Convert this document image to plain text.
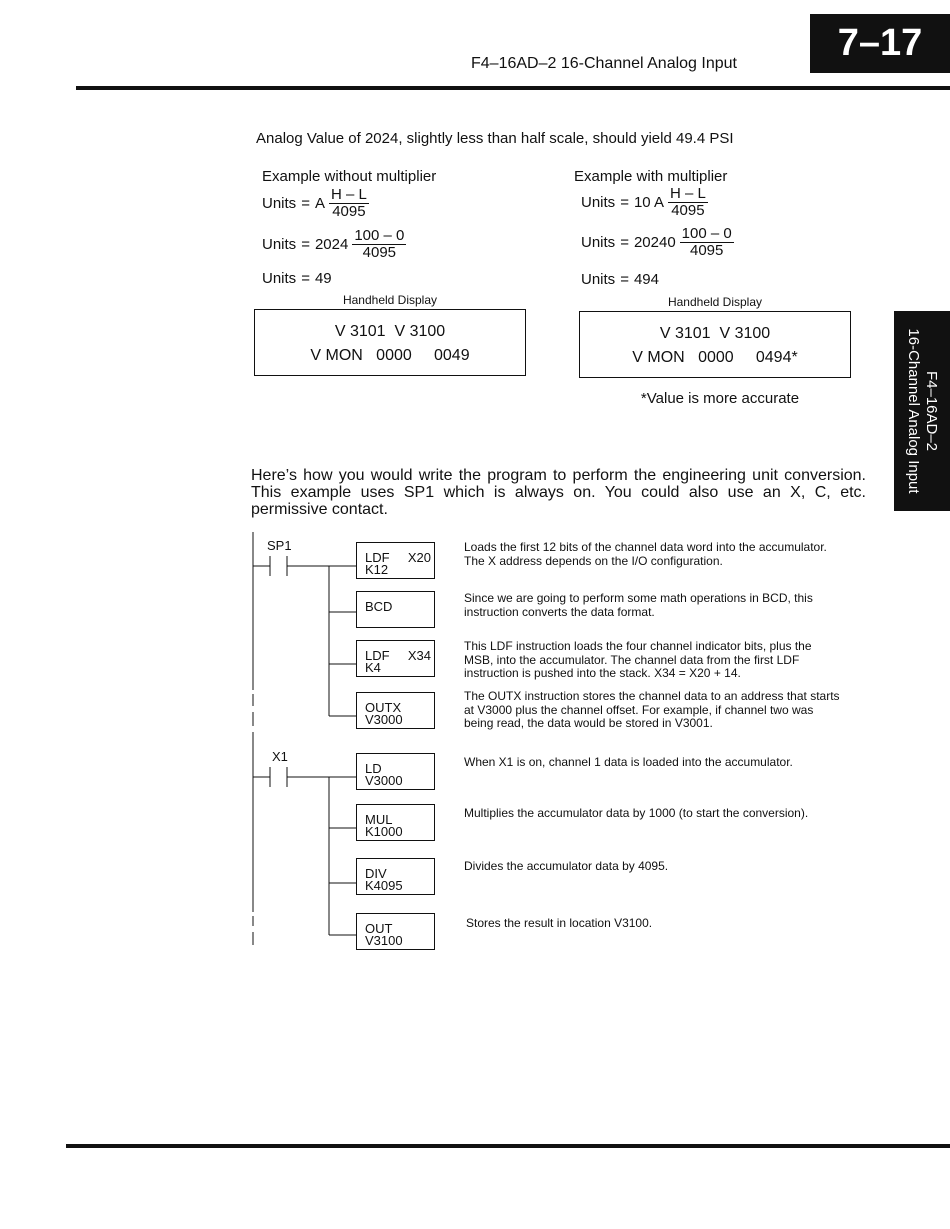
F4–16AD–2 16-Channel Analog Input	7–17
F4–16AD–2
16-Channel Analog Input
Analog Value of 2024, slightly less than half scale, should yield 49.4 PSI
Example without multiplier
Units = A $\frac{H - L}{4095}$
Units = $2024 \frac{100 - 0}{4095}$
Units = 49
Handheld Display
V 3101  V 3100
V MON   0000     0049
Example with multiplier
Units = 10 A $\frac{H - L}{4095}$
Units = $20240 \frac{100 - 0}{4095}$
Units = 494
Handheld Display
V 3101  V 3100
V MON   0000     0494*
*Value is more accurate
Here’s how you would write the program to perform the engineering unit conversion. This example uses SP1 which is always on. You could also use an X, C, etc. permissive contact.
SP1
X1
LDF X20
K12
BCD
LDF X34
K4
OUTX
V3000
LD
V3000
MUL
K1000
DIV
K4095
OUT
V3100
Loads the first 12 bits of the channel data word into the accumulator. The X address depends on the I/O configuration.
Since we are going to perform some math operations in BCD, this instruction converts the data format.
This LDF instruction loads the four channel indicator bits, plus the MSB, into the accumulator. The channel data from the first LDF instruction is pushed into the stack. X34 = X20 + 14.
The OUTX instruction stores the channel data to an address that starts at V3000 plus the channel offset. For example, if channel two was being read, the data would be stored in V3001.
When X1 is on, channel 1 data is loaded into the accumulator.
Multiplies the accumulator data by 1000 (to start the conversion).
Divides the accumulator data by 4095.
Stores the result in location V3100.
